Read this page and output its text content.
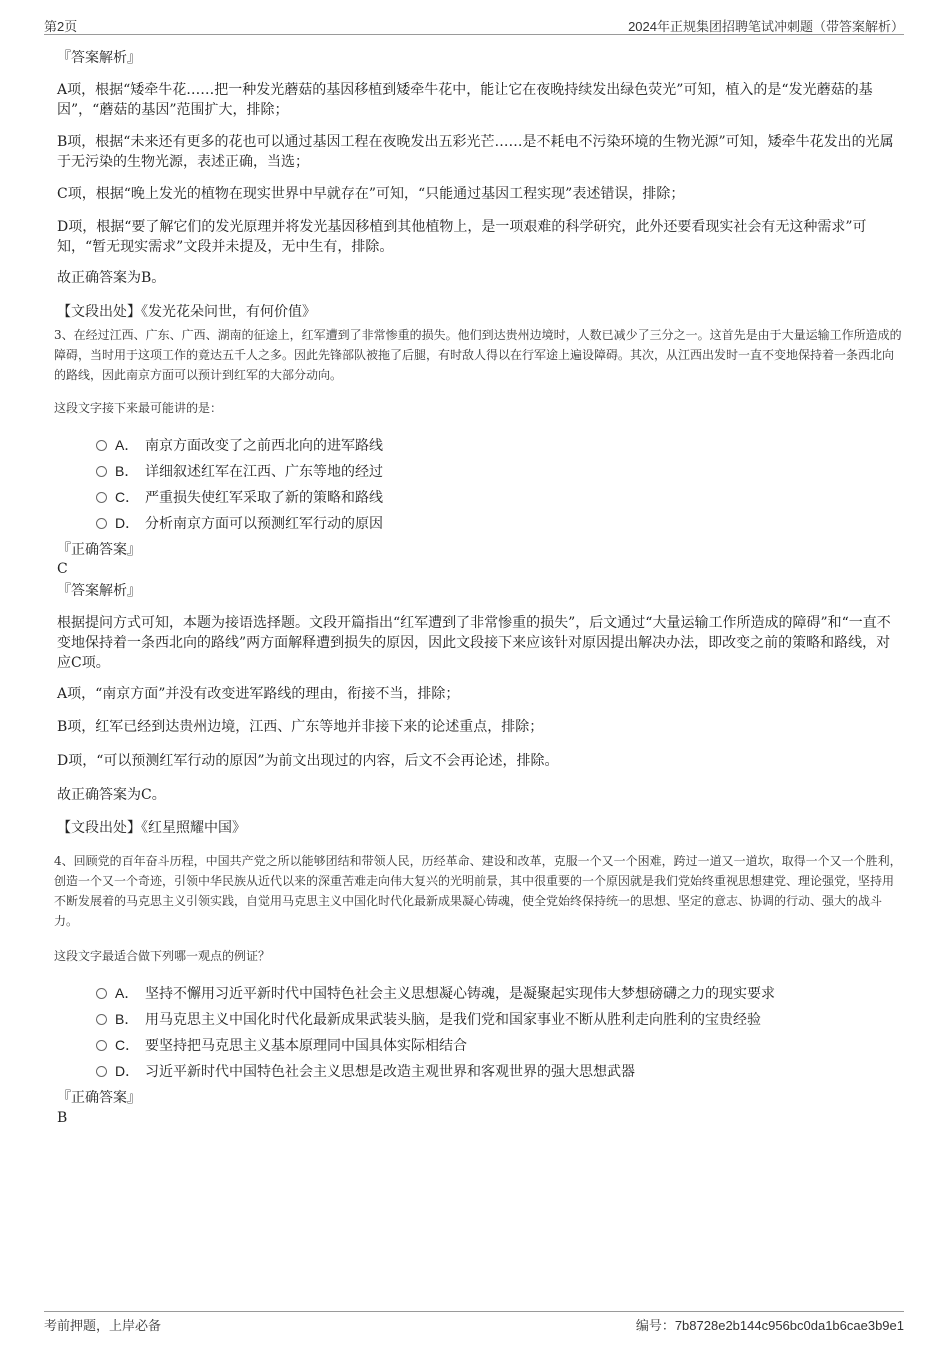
第2页	2024年正规集团招聘笔试冲刺题（带答案解析）

『答案解析』

A项，根据“矮牵牛花……把一种发光蘑菇的基因移植到矮牵牛花中，能让它在夜晚持续发出绿色荧光”可知，植入的是“发光蘑菇的基因”，“蘑菇的基因”范围扩大，排除；

B项，根据“未来还有更多的花也可以通过基因工程在夜晚发出五彩光芒……是不耗电不污染环境的生物光源”可知，矮牵牛花发出的光属于无污染的生物光源，表述正确，当选；

C项，根据“晚上发光的植物在现实世界中早就存在”可知，“只能通过基因工程实现”表述错误，排除；

D项，根据“要了解它们的发光原理并将发光基因移植到其他植物上，是一项艰难的科学研究，此外还要看现实社会有无这种需求”可知，“暂无现实需求”文段并未提及，无中生有，排除。

故正确答案为B。

【文段出处】《发光花朵问世，有何价值》

3、在经过江西、广东、广西、湖南的征途上，红军遭到了非常惨重的损失。他们到达贵州边境时，人数已减少了三分之一。这首先是由于大量运输工作所造成的障碍，当时用于这项工作的竟达五千人之多。因此先锋部队被拖了后腿，有时敌人得以在行军途上遍设障碍。其次，从江西出发时一直不变地保持着一条西北向的路线，因此南京方面可以预计到红军的大部分动向。

这段文字接下来最可能讲的是：

A． 南京方面改变了之前西北向的进军路线
B． 详细叙述红军在江西、广东等地的经过
C． 严重损失使红军采取了新的策略和路线
D． 分析南京方面可以预测红军行动的原因

『正确答案』

C

『答案解析』

根据提问方式可知，本题为接语选择题。文段开篇指出“红军遭到了非常惨重的损失”，后文通过“大量运输工作所造成的障碍”和“一直不变地保持着一条西北向的路线”两方面解释遭到损失的原因，因此文段接下来应该针对原因提出解决办法，即改变之前的策略和路线，对应C项。

A项，“南京方面”并没有改变进军路线的理由，衔接不当，排除；

B项，红军已经到达贵州边境，江西、广东等地并非接下来的论述重点，排除；

D项，“可以预测红军行动的原因”为前文出现过的内容，后文不会再论述，排除。

故正确答案为C。

【文段出处】《红星照耀中国》

4、回顾党的百年奋斗历程，中国共产党之所以能够团结和带领人民，历经革命、建设和改革，克服一个又一个困难，跨过一道又一道坎，取得一个又一个胜利，创造一个又一个奇迹，引领中华民族从近代以来的深重苦难走向伟大复兴的光明前景，其中很重要的一个原因就是我们党始终重视思想建党、理论强党，坚持用不断发展着的马克思主义引领实践，自觉用马克思主义中国化时代化最新成果凝心铸魂，使全党始终保持统一的思想、坚定的意志、协调的行动、强大的战斗力。

这段文字最适合做下列哪一观点的例证？

A． 坚持不懈用习近平新时代中国特色社会主义思想凝心铸魂，是凝聚起实现伟大梦想磅礴之力的现实要求
B． 用马克思主义中国化时代化最新成果武装头脑，是我们党和国家事业不断从胜利走向胜利的宝贵经验
C． 要坚持把马克思主义基本原理同中国具体实际相结合
D． 习近平新时代中国特色社会主义思想是改造主观世界和客观世界的强大思想武器

『正确答案』

B

考前押题，上岸必备	编号：7b8728e2b144c956bc0da1b6cae3b9e1
